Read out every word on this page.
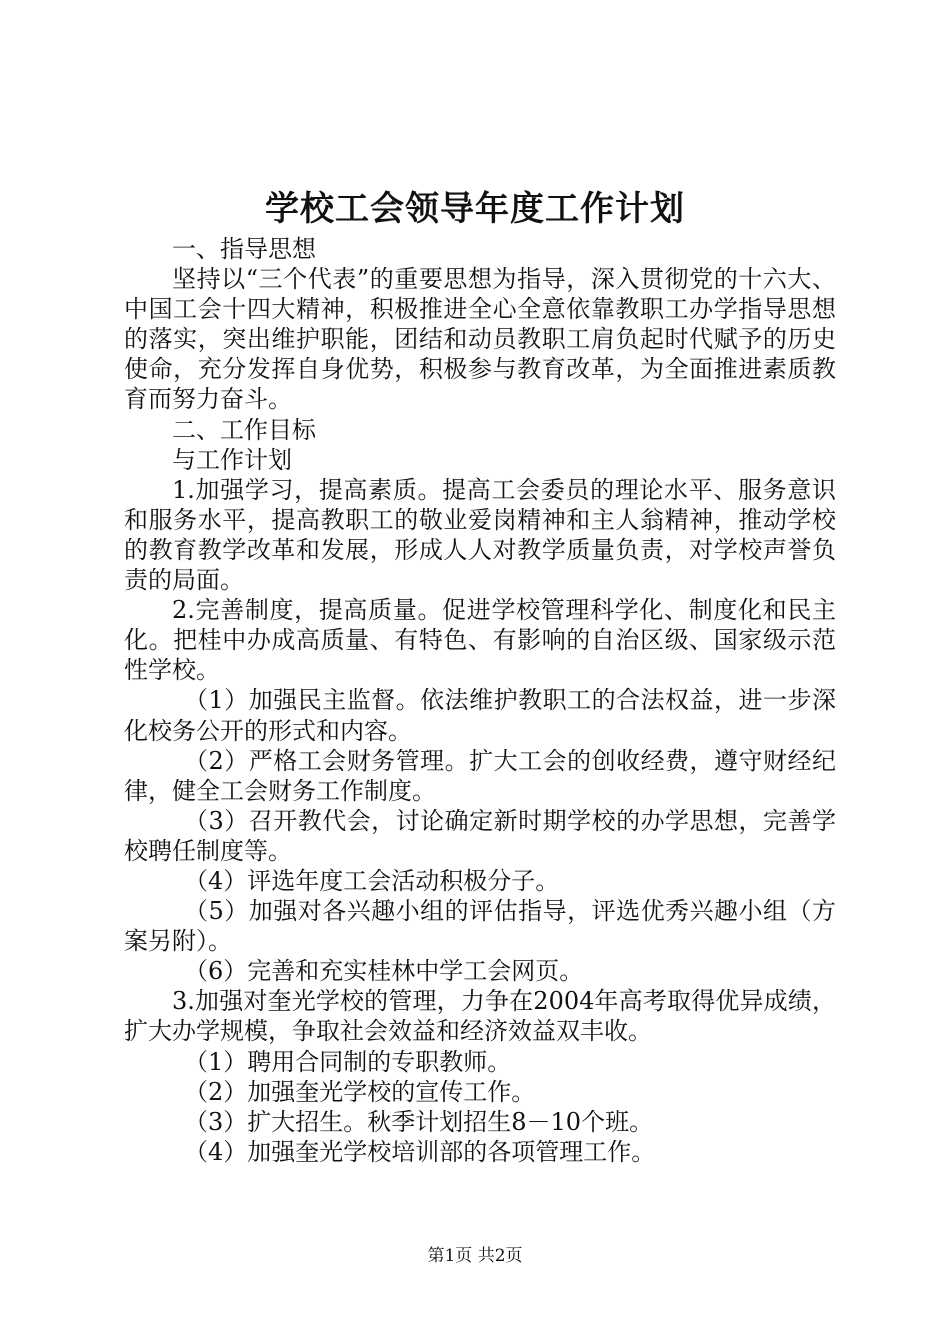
学校工会领导年度工作计划

一、指导思想

坚持以“三个代表”的重要思想为指导，深入贯彻党的十六大、中国工会十四大精神，积极推进全心全意依靠教职工办学指导思想的落实，突出维护职能，团结和动员教职工肩负起时代赋予的历史使命，充分发挥自身优势，积极参与教育改革，为全面推进素质教育而努力奋斗。

二、工作目标

与工作计划

1.加强学习，提高素质。提高工会委员的理论水平、服务意识和服务水平，提高教职工的敬业爱岗精神和主人翁精神，推动学校的教育教学改革和发展，形成人人对教学质量负责，对学校声誉负责的局面。

2.完善制度，提高质量。促进学校管理科学化、制度化和民主化。把桂中办成高质量、有特色、有影响的自治区级、国家级示范性学校。

（1）加强民主监督。依法维护教职工的合法权益，进一步深化校务公开的形式和内容。

（2）严格工会财务管理。扩大工会的创收经费，遵守财经纪律，健全工会财务工作制度。

（3）召开教代会，讨论确定新时期学校的办学思想，完善学校聘任制度等。

（4）评选年度工会活动积极分子。

（5）加强对各兴趣小组的评估指导，评选优秀兴趣小组（方案另附）。

（6）完善和充实桂林中学工会网页。

3.加强对奎光学校的管理，力争在2004年高考取得优异成绩，扩大办学规模，争取社会效益和经济效益双丰收。

（1）聘用合同制的专职教师。

（2）加强奎光学校的宣传工作。

（3）扩大招生。秋季计划招生8－10个班。

（4）加强奎光学校培训部的各项管理工作。

第1页 共2页
